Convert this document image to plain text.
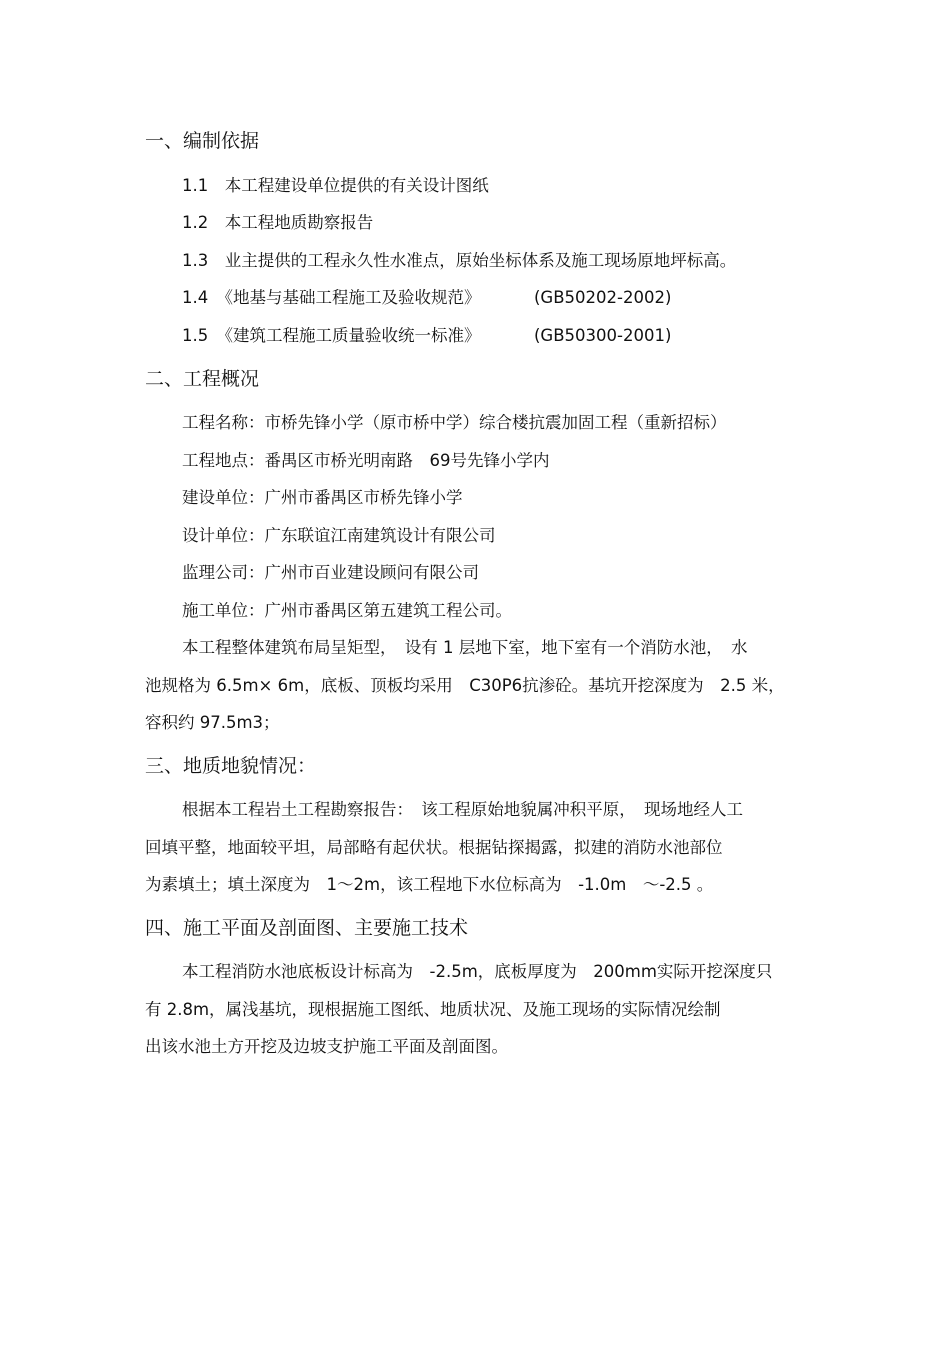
一、编制依据
1.1　 本工程建设单位提供的有关设计图纸
1.2　 本工程地质勘察报告
1.3　 业主提供的工程永久性水准点，原始坐标体系及施工现场原地坪标高。
1.4　 《地基与基础工程施工及验收规范》	(GB50202-2002)
1.5　 《建筑工程施工质量验收统一标准》	(GB50300-2001)
二、工程概况
工程名称：市桥先锋小学（原市桥中学）综合楼抗震加固工程（重新招标）
工程地点：番禺区市桥光明南路　69号先锋小学内
建设单位：广州市番禺区市桥先锋小学
设计单位：广东联谊江南建筑设计有限公司
监理公司：广州市百业建设顾问有限公司
施工单位：广州市番禺区第五建筑工程公司。
本工程整体建筑布局呈矩型，　设有 1 层地下室，地下室有一个消防水池，　水
池规格为 6.5m× 6m，底板、顶板均采用　C30P6抗渗砼。基坑开挖深度为　2.5 米，
容积约 97.5m3；
三、地质地貌情况：
根据本工程岩土工程勘察报告：　该工程原始地貌属冲积平原，　现场地经人工
回填平整，地面较平坦，局部略有起伏状。根据钻探揭露，拟建的消防水池部位
为素填土；填土深度为　1～2m，该工程地下水位标高为　-1.0m　～-2.5 。
四、施工平面及剖面图、主要施工技术
本工程消防水池底板设计标高为　-2.5m，底板厚度为　200mm实际开挖深度只
有 2.8m，属浅基坑，现根据施工图纸、地质状况、及施工现场的实际情况绘制
出该水池土方开挖及边坡支护施工平面及剖面图。
